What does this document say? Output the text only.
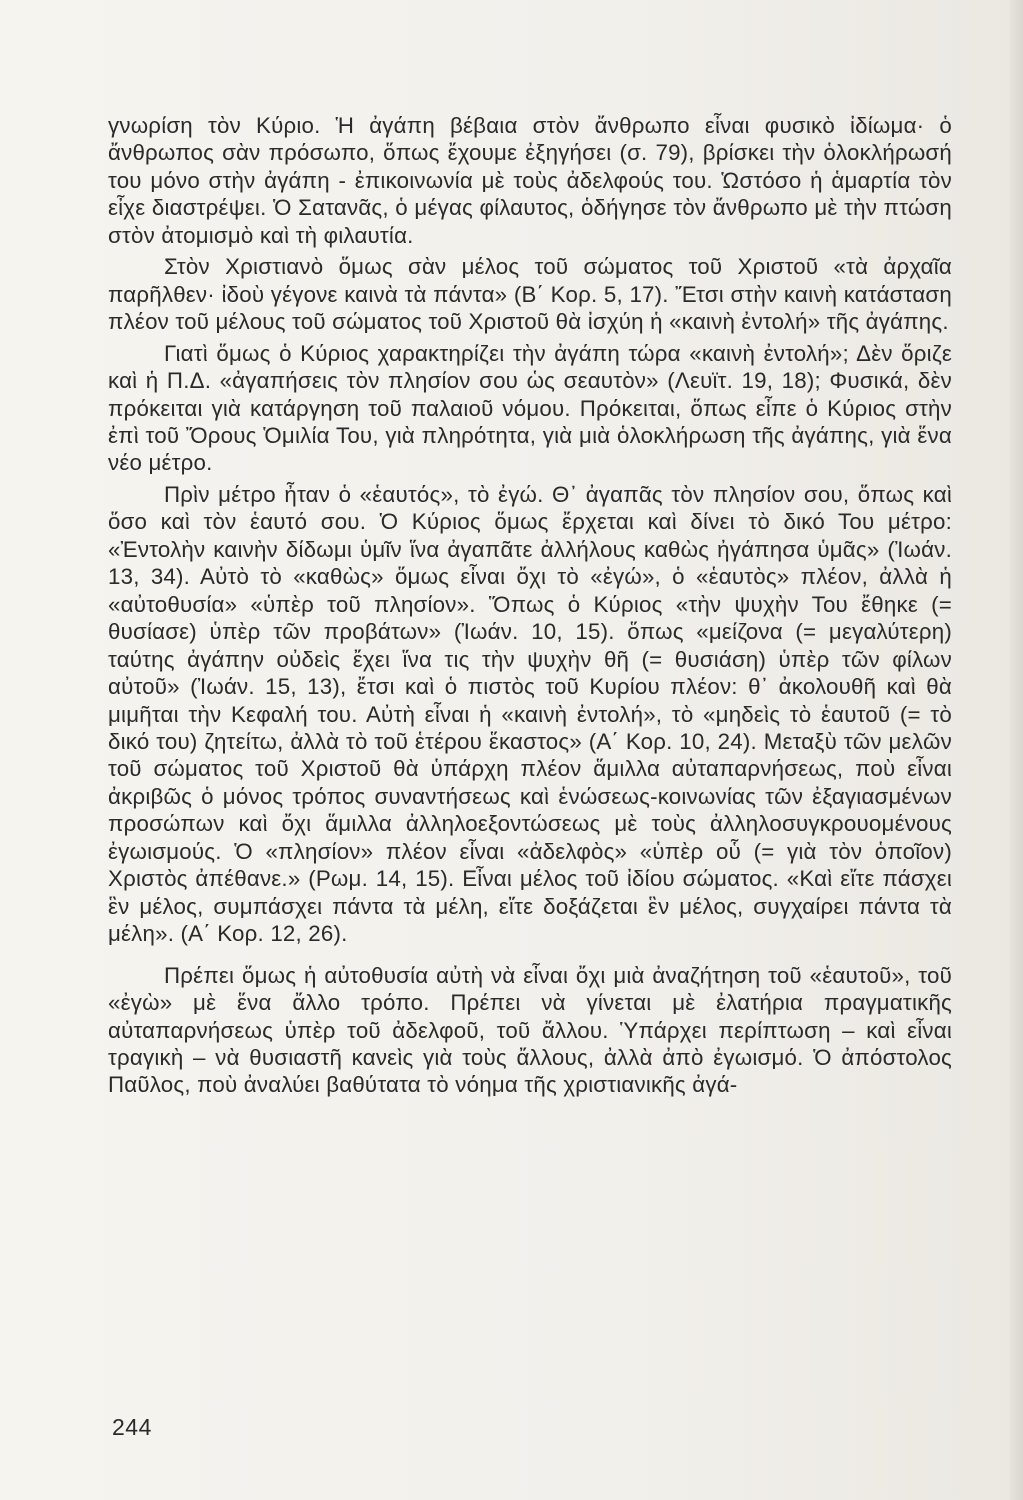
γνωρίση τὸν Κύριο. Ἡ ἀγάπη βέβαια στὸν ἄνθρωπο εἶναι φυσικὸ ἰδίωμα· ὁ ἄνθρωπος σὰν πρόσωπο, ὅπως ἔχουμε ἐξηγήσει (σ. 79), βρίσκει τὴν ὁλοκλήρωσή του μόνο στὴν ἀγάπη - ἐπικοινωνία μὲ τοὺς ἀδελφούς του. Ὡστόσο ἡ ἁμαρτία τὸν εἶχε διαστρέψει. Ὁ Σατανᾶς, ὁ μέγας φίλαυτος, ὁδήγησε τὸν ἄνθρωπο μὲ τὴν πτώση στὸν ἀτομισμὸ καὶ τὴ φιλαυτία.

Στὸν Χριστιανὸ ὅμως σὰν μέλος τοῦ σώματος τοῦ Χριστοῦ «τὰ ἀρχαῖα παρῆλθεν· ἰδοὺ γέγονε καινὰ τὰ πάντα» (Β΄ Κορ. 5, 17). Ἔτσι στὴν καινὴ κατάσταση πλέον τοῦ μέλους τοῦ σώματος τοῦ Χριστοῦ θὰ ἰσχύη ἡ «καινὴ ἐντολή» τῆς ἀγάπης.

Γιατὶ ὅμως ὁ Κύριος χαρακτηρίζει τὴν ἀγάπη τώρα «καινὴ ἐντολή»; Δὲν ὅριζε καὶ ἡ Π.Δ. «ἀγαπήσεις τὸν πλησίον σου ὡς σεαυτὸν» (Λευϊτ. 19, 18); Φυσικά, δὲν πρόκειται γιὰ κατάργηση τοῦ παλαιοῦ νόμου. Πρόκειται, ὅπως εἶπε ὁ Κύριος στὴν ἐπὶ τοῦ Ὄρους Ὁμιλία Του, γιὰ πληρότητα, γιὰ μιὰ ὁλοκλήρωση τῆς ἀγάπης, γιὰ ἕνα νέο μέτρο.

Πρὶν μέτρο ἦταν ὁ «ἑαυτός», τὸ ἐγώ. Θ᾽ ἀγαπᾶς τὸν πλησίον σου, ὅπως καὶ ὅσο καὶ τὸν ἑαυτό σου. Ὁ Κύριος ὅμως ἔρχεται καὶ δίνει τὸ δικό Του μέτρο: «Ἐντολὴν καινὴν δίδωμι ὑμῖν ἵνα ἀγαπᾶτε ἀλλήλους καθὼς ἠγάπησα ὑμᾶς» (Ἰωάν. 13, 34). Αὐτὸ τὸ «καθὼς» ὅμως εἶναι ὄχι τὸ «ἐγώ», ὁ «ἑαυτὸς» πλέον, ἀλλὰ ἡ «αὐτοθυσία» «ὑπὲρ τοῦ πλησίον». Ὅπως ὁ Κύριος «τὴν ψυχὴν Του ἔθηκε (= θυσίασε) ὑπὲρ τῶν προβάτων» (Ἰωάν. 10, 15). ὅπως «μείζονα (= μεγαλύτερη) ταύτης ἀγάπην οὐδεὶς ἔχει ἵνα τις τὴν ψυχὴν θῆ (= θυσιάση) ὑπὲρ τῶν φίλων αὐτοῦ» (Ἰωάν. 15, 13), ἔτσι καὶ ὁ πιστὸς τοῦ Κυρίου πλέον: θ᾽ ἀκολουθῆ καὶ θὰ μιμῆται τὴν Κεφαλή του. Αὐτὴ εἶναι ἡ «καινὴ ἐντολή», τὸ «μηδεὶς τὸ ἑαυτοῦ (= τὸ δικό του) ζητείτω, ἀλλὰ τὸ τοῦ ἑτέρου ἕκαστος» (Α΄ Κορ. 10, 24). Μεταξὺ τῶν μελῶν τοῦ σώματος τοῦ Χριστοῦ θὰ ὑπάρχη πλέον ἅμιλλα αὐταπαρνήσεως, ποὺ εἶναι ἀκριβῶς ὁ μόνος τρόπος συναντήσεως καὶ ἑνώσεως-κοινωνίας τῶν ἐξαγιασμένων προσώπων καὶ ὄχι ἅμιλλα ἀλληλοεξοντώσεως μὲ τοὺς ἀλληλοσυγκρουομένους ἐγωισμούς. Ὁ «πλησίον» πλέον εἶναι «ἀδελφὸς» «ὑπὲρ οὗ (= γιὰ τὸν ὁποῖον) Χριστὸς ἀπέθανε.» (Ρωμ. 14, 15). Εἶναι μέλος τοῦ ἰδίου σώματος. «Καὶ εἴτε πάσχει ἓν μέλος, συμπάσχει πάντα τὰ μέλη, εἴτε δοξάζεται ἓν μέλος, συγχαίρει πάντα τὰ μέλη». (Α΄ Κορ. 12, 26).

Πρέπει ὅμως ἡ αὐτοθυσία αὐτὴ νὰ εἶναι ὄχι μιὰ ἀναζήτηση τοῦ «ἑαυτοῦ», τοῦ «ἐγὼ» μὲ ἕνα ἄλλο τρόπο. Πρέπει νὰ γίνεται μὲ ἐλατήρια πραγματικῆς αὐταπαρνήσεως ὑπὲρ τοῦ ἀδελφοῦ, τοῦ ἄλλου. Ὑπάρχει περίπτωση – καὶ εἶναι τραγικὴ – νὰ θυσιαστῆ κανεὶς γιὰ τοὺς ἄλλους, ἀλλὰ ἀπὸ ἐγωισμό. Ὁ ἀπόστολος Παῦλος, ποὺ ἀναλύει βαθύτατα τὸ νόημα τῆς χριστιανικῆς ἀγά-

244
